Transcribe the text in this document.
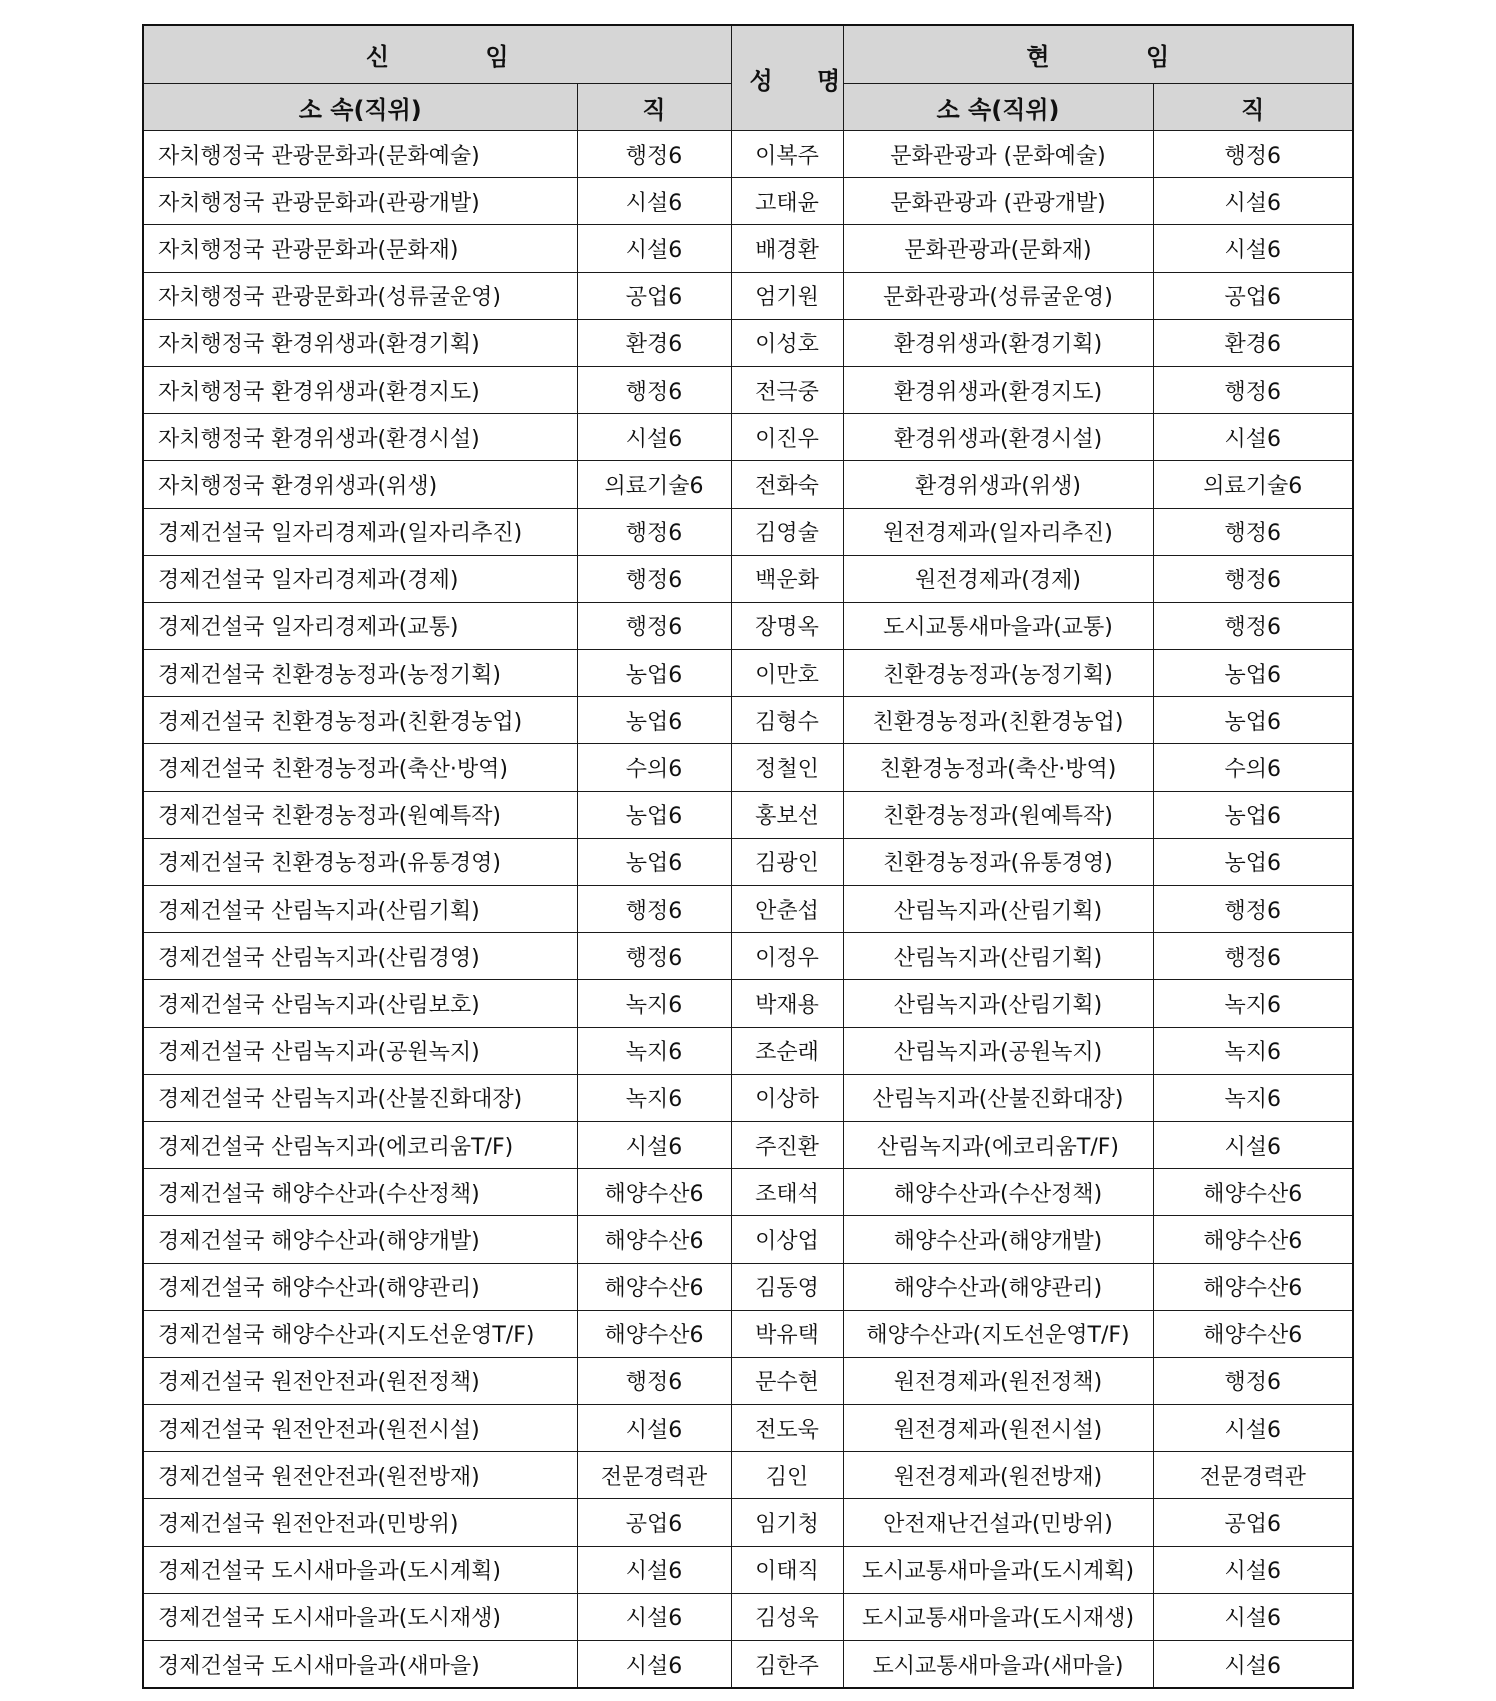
신 임		성 명	현 임	
소 속(직위)	직		소 속(직위)	직
자치행정국 관광문화과(문화예술)	행정6	이복주	문화관광과 (문화예술)	행정6
자치행정국 관광문화과(관광개발)	시설6	고태윤	문화관광과 (관광개발)	시설6
자치행정국 관광문화과(문화재)	시설6	배경환	문화관광과(문화재)	시설6
자치행정국 관광문화과(성류굴운영)	공업6	엄기원	문화관광과(성류굴운영)	공업6
자치행정국 환경위생과(환경기획)	환경6	이성호	환경위생과(환경기획)	환경6
자치행정국 환경위생과(환경지도)	행정6	전극중	환경위생과(환경지도)	행정6
자치행정국 환경위생과(환경시설)	시설6	이진우	환경위생과(환경시설)	시설6
자치행정국 환경위생과(위생)	의료기술6	전화숙	환경위생과(위생)	의료기술6
경제건설국 일자리경제과(일자리추진)	행정6	김영술	원전경제과(일자리추진)	행정6
경제건설국 일자리경제과(경제)	행정6	백운화	원전경제과(경제)	행정6
경제건설국 일자리경제과(교통)	행정6	장명옥	도시교통새마을과(교통)	행정6
경제건설국 친환경농정과(농정기획)	농업6	이만호	친환경농정과(농정기획)	농업6
경제건설국 친환경농정과(친환경농업)	농업6	김형수	친환경농정과(친환경농업)	농업6
경제건설국 친환경농정과(축산·방역)	수의6	정철인	친환경농정과(축산·방역)	수의6
경제건설국 친환경농정과(원예특작)	농업6	홍보선	친환경농정과(원예특작)	농업6
경제건설국 친환경농정과(유통경영)	농업6	김광인	친환경농정과(유통경영)	농업6
경제건설국 산림녹지과(산림기획)	행정6	안춘섭	산림녹지과(산림기획)	행정6
경제건설국 산림녹지과(산림경영)	행정6	이정우	산림녹지과(산림기획)	행정6
경제건설국 산림녹지과(산림보호)	녹지6	박재용	산림녹지과(산림기획)	녹지6
경제건설국 산림녹지과(공원녹지)	녹지6	조순래	산림녹지과(공원녹지)	녹지6
경제건설국 산림녹지과(산불진화대장)	녹지6	이상하	산림녹지과(산불진화대장)	녹지6
경제건설국 산림녹지과(에코리움T/F)	시설6	주진환	산림녹지과(에코리움T/F)	시설6
경제건설국 해양수산과(수산정책)	해양수산6	조태석	해양수산과(수산정책)	해양수산6
경제건설국 해양수산과(해양개발)	해양수산6	이상업	해양수산과(해양개발)	해양수산6
경제건설국 해양수산과(해양관리)	해양수산6	김동영	해양수산과(해양관리)	해양수산6
경제건설국 해양수산과(지도선운영T/F)	해양수산6	박유택	해양수산과(지도선운영T/F)	해양수산6
경제건설국 원전안전과(원전정책)	행정6	문수현	원전경제과(원전정책)	행정6
경제건설국 원전안전과(원전시설)	시설6	전도욱	원전경제과(원전시설)	시설6
경제건설국 원전안전과(원전방재)	전문경력관	김인	원전경제과(원전방재)	전문경력관
경제건설국 원전안전과(민방위)	공업6	임기청	안전재난건설과(민방위)	공업6
경제건설국 도시새마을과(도시계획)	시설6	이태직	도시교통새마을과(도시계획)	시설6
경제건설국 도시새마을과(도시재생)	시설6	김성욱	도시교통새마을과(도시재생)	시설6
경제건설국 도시새마을과(새마을)	시설6	김한주	도시교통새마을과(새마을)	시설6
